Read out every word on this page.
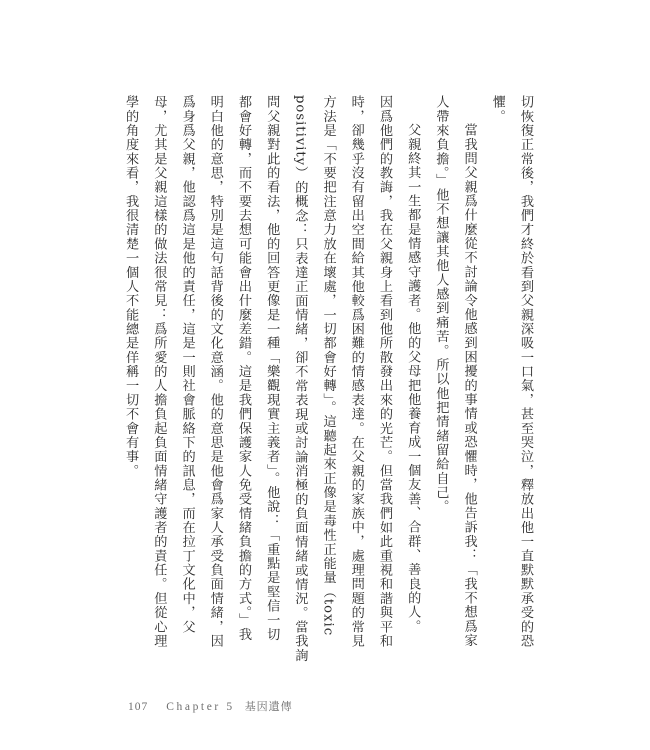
切恢復正常後，我們才終於看到父親深吸一口氣，甚至哭泣，釋放出他一直默默承受的恐

懼。

當我問父親爲什麼從不討論令他感到困擾的事情或恐懼時，他告訴我：「我不想爲家

人帶來負擔。」他不想讓其他人感到痛苦。所以他把情緒留給自己。

父親終其一生都是情感守護者。他的父母把他養育成一個友善、合群、善良的人。

因爲他們的教誨，我在父親身上看到他所散發出來的光芒。但當我們如此重視和諧與平和

時，卻幾乎沒有留出空間給其他較爲困難的情感表達。在父親的家族中，處理問題的常見

方法是「不要把注意力放在壞處，一切都會好轉」。這聽起來正像是毒性正能量（toxic

positivity）的概念：只表達正面情緒，卻不常表現或討論消極的負面情緒或情況。當我詢

問父親對此的看法，他的回答更像是一種「樂觀現實主義者」。他說：「重點是堅信一切

都會好轉，而不要去想可能會出什麼差錯。這是我們保護家人免受情緒負擔的方式。」我

明白他的意思，特別是這句話背後的文化意涵。他的意思是他會爲家人承受負面情緒，因

爲身爲父親，他認爲這是他的責任，這是一則社會脈絡下的訊息，而在拉丁文化中，父

母，尤其是父親這樣的做法很常見：爲所愛的人擔負起負面情緒守護者的責任。但從心理

學的角度來看，我很清楚一個人不能總是佯稱一切不會有事。

107 Chapter 5 基因遺傳
